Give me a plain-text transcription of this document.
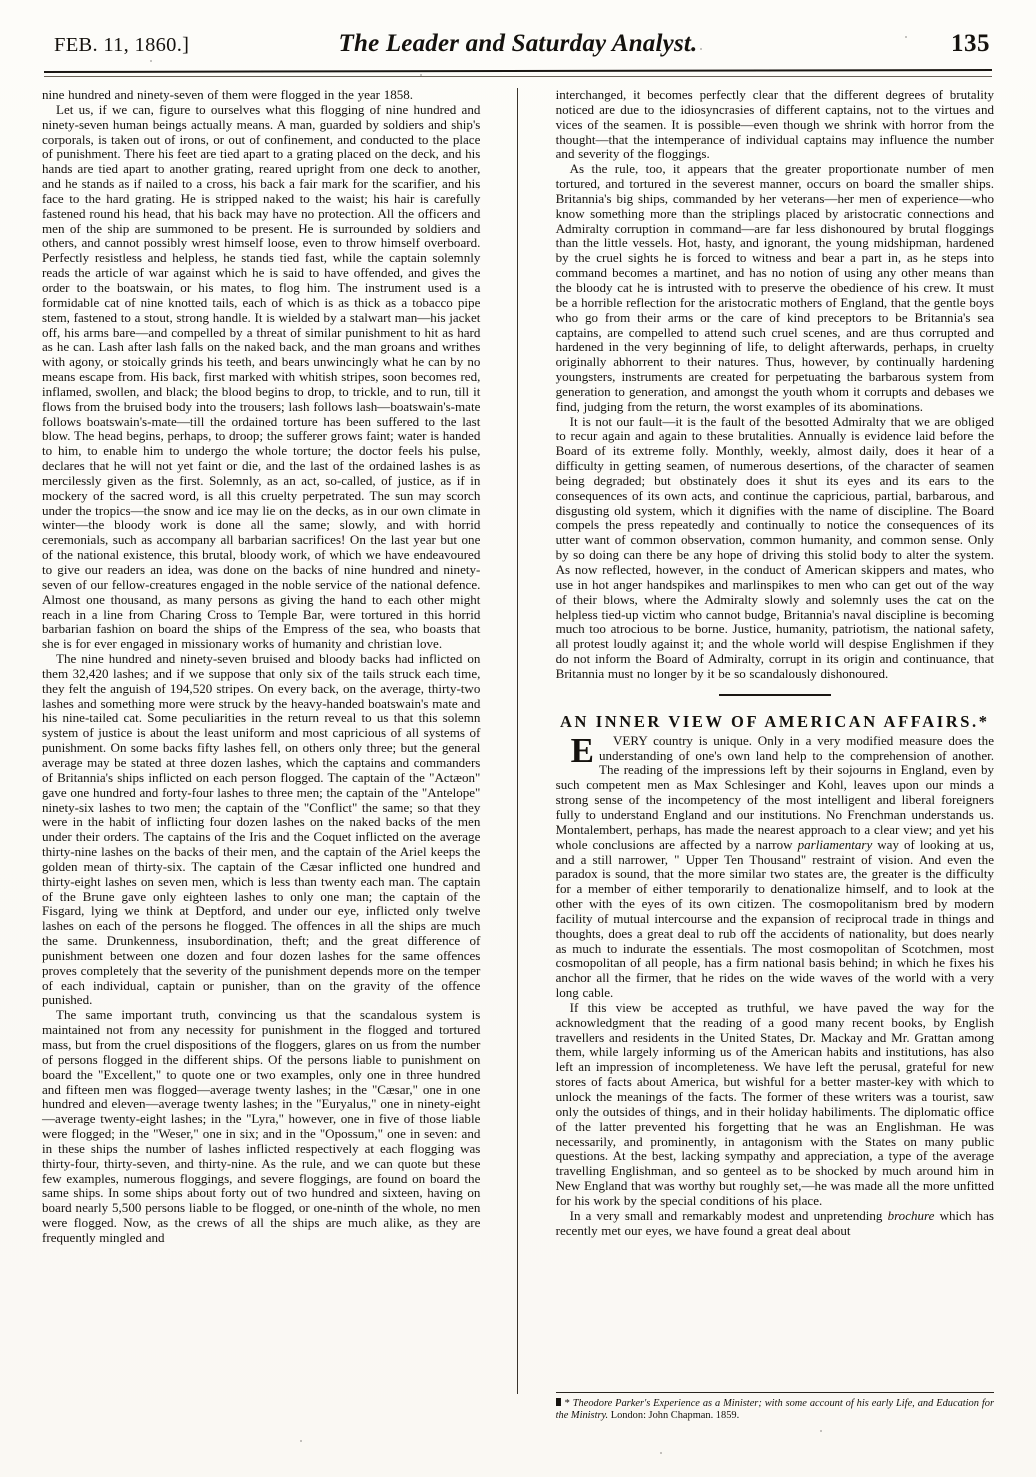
FEB. 11, 1860.]	The Leader and Saturday Analyst.	135

nine hundred and ninety-seven of them were flogged in the year 1858.

Let us, if we can, figure to ourselves what this flogging of nine hundred and ninety-seven human beings actually means. A man, guarded by soldiers and ship's corporals, is taken out of irons, or out of confinement, and conducted to the place of punishment. There his feet are tied apart to a grating placed on the deck, and his hands are tied apart to another grating, reared upright from one deck to another, and he stands as if nailed to a cross, his back a fair mark for the scarifier, and his face to the hard grating. He is stripped naked to the waist; his hair is carefully fastened round his head, that his back may have no protection. All the officers and men of the ship are summoned to be present. He is surrounded by soldiers and others, and cannot possibly wrest himself loose, even to throw himself overboard. Perfectly resistless and helpless, he stands tied fast, while the captain solemnly reads the article of war against which he is said to have offended, and gives the order to the boatswain, or his mates, to flog him. The instrument used is a formidable cat of nine knotted tails, each of which is as thick as a tobacco pipe stem, fastened to a stout, strong handle. It is wielded by a stalwart man—his jacket off, his arms bare—and compelled by a threat of similar punishment to hit as hard as he can. Lash after lash falls on the naked back, and the man groans and writhes with agony, or stoically grinds his teeth, and bears unwincingly what he can by no means escape from. His back, first marked with whitish stripes, soon becomes red, inflamed, swollen, and black; the blood begins to drop, to trickle, and to run, till it flows from the bruised body into the trousers; lash follows lash—boatswain's-mate follows boatswain's-mate—till the ordained torture has been suffered to the last blow. The head begins, perhaps, to droop; the sufferer grows faint; water is handed to him, to enable him to undergo the whole torture; the doctor feels his pulse, declares that he will not yet faint or die, and the last of the ordained lashes is as mercilessly given as the first. Solemnly, as an act, so-called, of justice, as if in mockery of the sacred word, is all this cruelty perpetrated. The sun may scorch under the tropics—the snow and ice may lie on the decks, as in our own climate in winter—the bloody work is done all the same; slowly, and with horrid ceremonials, such as accompany all barbarian sacrifices! On the last year but one of the national existence, this brutal, bloody work, of which we have endeavoured to give our readers an idea, was done on the backs of nine hundred and ninety-seven of our fellow-creatures engaged in the noble service of the national defence. Almost one thousand, as many persons as giving the hand to each other might reach in a line from Charing Cross to Temple Bar, were tortured in this horrid barbarian fashion on board the ships of the Empress of the sea, who boasts that she is for ever engaged in missionary works of humanity and christian love.

The nine hundred and ninety-seven bruised and bloody backs had inflicted on them 32,420 lashes; and if we suppose that only six of the tails struck each time, they felt the anguish of 194,520 stripes. On every back, on the average, thirty-two lashes and something more were struck by the heavy-handed boatswain's mate and his nine-tailed cat. Some peculiarities in the return reveal to us that this solemn system of justice is about the least uniform and most capricious of all systems of punishment. On some backs fifty lashes fell, on others only three; but the general average may be stated at three dozen lashes, which the captains and commanders of Britannia's ships inflicted on each person flogged. The captain of the "Actæon" gave one hundred and forty-four lashes to three men; the captain of the "Antelope" ninety-six lashes to two men; the captain of the "Conflict" the same; so that they were in the habit of inflicting four dozen lashes on the naked backs of the men under their orders. The captains of the Iris and the Coquet inflicted on the average thirty-nine lashes on the backs of their men, and the captain of the Ariel keeps the golden mean of thirty-six. The captain of the Cæsar inflicted one hundred and thirty-eight lashes on seven men, which is less than twenty each man. The captain of the Brune gave only eighteen lashes to only one man; the captain of the Fisgard, lying we think at Deptford, and under our eye, inflicted only twelve lashes on each of the persons he flogged. The offences in all the ships are much the same. Drunkenness, insubordination, theft; and the great difference of punishment between one dozen and four dozen lashes for the same offences proves completely that the severity of the punishment depends more on the temper of each individual, captain or punisher, than on the gravity of the offence punished.

The same important truth, convincing us that the scandalous system is maintained not from any necessity for punishment in the flogged and tortured mass, but from the cruel dispositions of the floggers, glares on us from the number of persons flogged in the different ships. Of the persons liable to punishment on board the "Excellent," to quote one or two examples, only one in three hundred and fifteen men was flogged—average twenty lashes; in the "Cæsar," one in one hundred and eleven—average twenty lashes; in the "Euryalus," one in ninety-eight—average twenty-eight lashes; in the "Lyra," however, one in five of those liable were flogged; in the "Weser," one in six; and in the "Opossum," one in seven: and in these ships the number of lashes inflicted respectively at each flogging was thirty-four, thirty-seven, and thirty-nine. As the rule, and we can quote but these few examples, numerous floggings, and severe floggings, are found on board the same ships. In some ships about forty out of two hundred and sixteen, having on board nearly 5,500 persons liable to be flogged, or one-ninth of the whole, no men were flogged. Now, as the crews of all the ships are much alike, as they are frequently mingled and

interchanged, it becomes perfectly clear that the different degrees of brutality noticed are due to the idiosyncrasies of different captains, not to the virtues and vices of the seamen. It is possible—even though we shrink with horror from the thought—that the intemperance of individual captains may influence the number and severity of the floggings.

As the rule, too, it appears that the greater proportionate number of men tortured, and tortured in the severest manner, occurs on board the smaller ships. Britannia's big ships, commanded by her veterans—her men of experience—who know something more than the striplings placed by aristocratic connections and Admiralty corruption in command—are far less dishonoured by brutal floggings than the little vessels. Hot, hasty, and ignorant, the young midshipman, hardened by the cruel sights he is forced to witness and bear a part in, as he steps into command becomes a martinet, and has no notion of using any other means than the bloody cat he is intrusted with to preserve the obedience of his crew. It must be a horrible reflection for the aristocratic mothers of England, that the gentle boys who go from their arms or the care of kind preceptors to be Britannia's sea captains, are compelled to attend such cruel scenes, and are thus corrupted and hardened in the very beginning of life, to delight afterwards, perhaps, in cruelty originally abhorrent to their natures. Thus, however, by continually hardening youngsters, instruments are created for perpetuating the barbarous system from generation to generation, and amongst the youth whom it corrupts and debases we find, judging from the return, the worst examples of its abominations.

It is not our fault—it is the fault of the besotted Admiralty that we are obliged to recur again and again to these brutalities. Annually is evidence laid before the Board of its extreme folly. Monthly, weekly, almost daily, does it hear of a difficulty in getting seamen, of numerous desertions, of the character of seamen being degraded; but obstinately does it shut its eyes and its ears to the consequences of its own acts, and continue the capricious, partial, barbarous, and disgusting old system, which it dignifies with the name of discipline. The Board compels the press repeatedly and continually to notice the consequences of its utter want of common observation, common humanity, and common sense. Only by so doing can there be any hope of driving this stolid body to alter the system. As now reflected, however, in the conduct of American skippers and mates, who use in hot anger handspikes and marlinspikes to men who can get out of the way of their blows, where the Admiralty slowly and solemnly uses the cat on the helpless tied-up victim who cannot budge, Britannia's naval discipline is becoming much too atrocious to be borne. Justice, humanity, patriotism, the national safety, all protest loudly against it; and the whole world will despise Englishmen if they do not inform the Board of Admiralty, corrupt in its origin and continuance, that Britannia must no longer by it be so scandalously dishonoured.

AN INNER VIEW OF AMERICAN AFFAIRS.*

E	VERY country is unique. Only in a very modified measure does the understanding of one's own land help to the comprehension of another. The reading of the impressions left by their sojourns in England, even by such competent men as Max Schlesinger and Kohl, leaves upon our minds a strong sense of the incompetency of the most intelligent and liberal foreigners fully to understand England and our institutions. No Frenchman understands us. Montalembert, perhaps, has made the nearest approach to a clear view; and yet his whole conclusions are affected by a narrow parliamentary way of looking at us, and a still narrower, " Upper Ten Thousand" restraint of vision. And even the paradox is sound, that the more similar two states are, the greater is the difficulty for a member of either temporarily to denationalize himself, and to look at the other with the eyes of its own citizen. The cosmopolitanism bred by modern facility of mutual intercourse and the expansion of reciprocal trade in things and thoughts, does a great deal to rub off the accidents of nationality, but does nearly as much to indurate the essentials. The most cosmopolitan of Scotchmen, most cosmopolitan of all people, has a firm national basis behind; in which he fixes his anchor all the firmer, that he rides on the wide waves of the world with a very long cable.

If this view be accepted as truthful, we have paved the way for the acknowledgment that the reading of a good many recent books, by English travellers and residents in the United States, Dr. Mackay and Mr. Grattan among them, while largely informing us of the American habits and institutions, has also left an impression of incompleteness. We have left the perusal, grateful for new stores of facts about America, but wishful for a better master-key with which to unlock the meanings of the facts. The former of these writers was a tourist, saw only the outsides of things, and in their holiday habiliments. The diplomatic office of the latter prevented his forgetting that he was an Englishman. He was necessarily, and prominently, in antagonism with the States on many public questions. At the best, lacking sympathy and appreciation, a type of the average travelling Englishman, and so genteel as to be shocked by much around him in New England that was worthy but roughly set,—he was made all the more unfitted for his work by the special conditions of his place.

In a very small and remarkably modest and unpretending brochure which has recently met our eyes, we have found a great deal about

* Theodore Parker's Experience as a Minister; with some account of his early Life, and Education for the Ministry. London: John Chapman. 1859.
